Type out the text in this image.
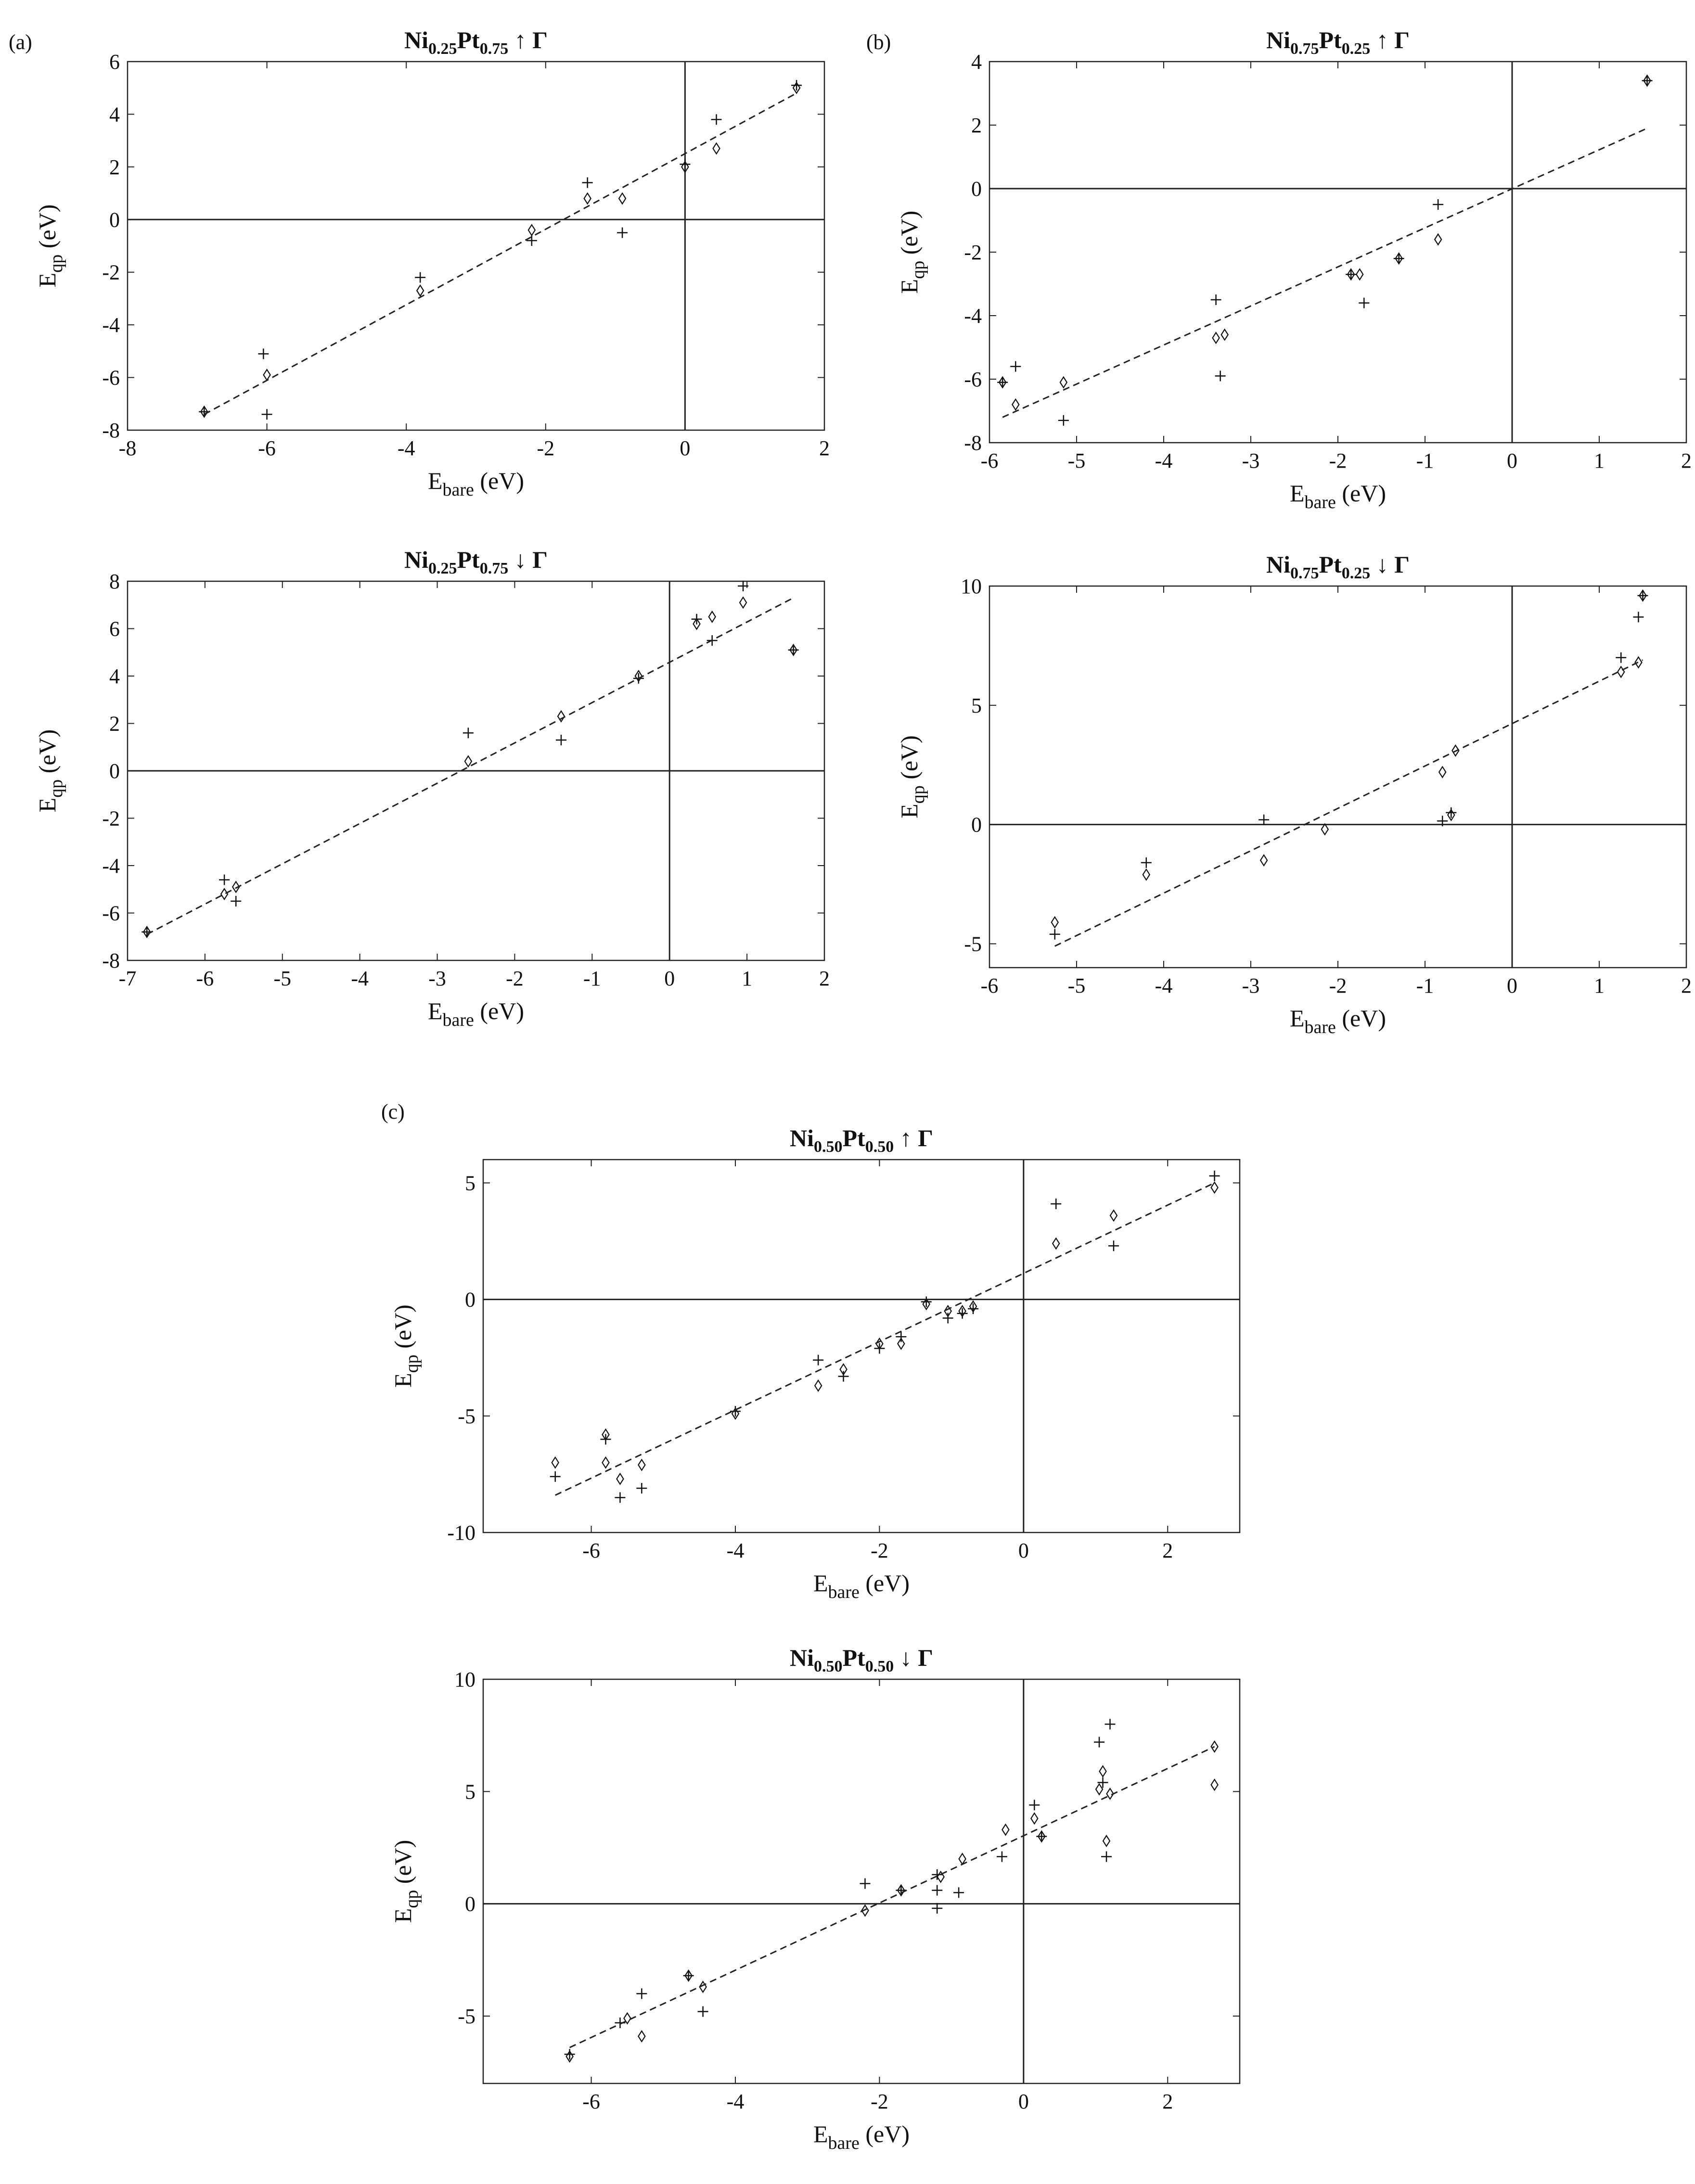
(a)	(b)
(c)
-8	-6	-4	-2	0	2
-8
-6
-4
-2
0
2
4
6
$Ni_{0.25}Pt_{0.75}$ ↑ Γ
$E_{bare}$ (eV)
$E_{qp}$ (eV)
-7	-6	-5	-4	-3	-2	-1	0	1	2
-8
-6
-4
-2
0
2
4
6
8
$Ni_{0.25}Pt_{0.75}$ ↓ Γ
$E_{bare}$ (eV)
$E_{qp}$ (eV)
-6	-5	-4	-3	-2	-1	0	1	2
-8
-6
-4
-2
0
2
4
$Ni_{0.75}Pt_{0.25}$ ↑ Γ
$E_{bare}$ (eV)
$E_{qp}$ (eV)
-6	-5	-4	-3	-2	-1	0	1	2
-5
0
5
10
$Ni_{0.75}Pt_{0.25}$ ↓ Γ
$E_{bare}$ (eV)
$E_{qp}$ (eV)
-6	-4	-2	0	2
-10
-5
0
5
$Ni_{0.50}Pt_{0.50}$ ↑ Γ
$E_{bare}$ (eV)
$E_{qp}$ (eV)
-6	-4	-2	0	2
-5
0
5
10
$Ni_{0.50}Pt_{0.50}$ ↓ Γ
$E_{bare}$ (eV)
$E_{qp}$ (eV)
